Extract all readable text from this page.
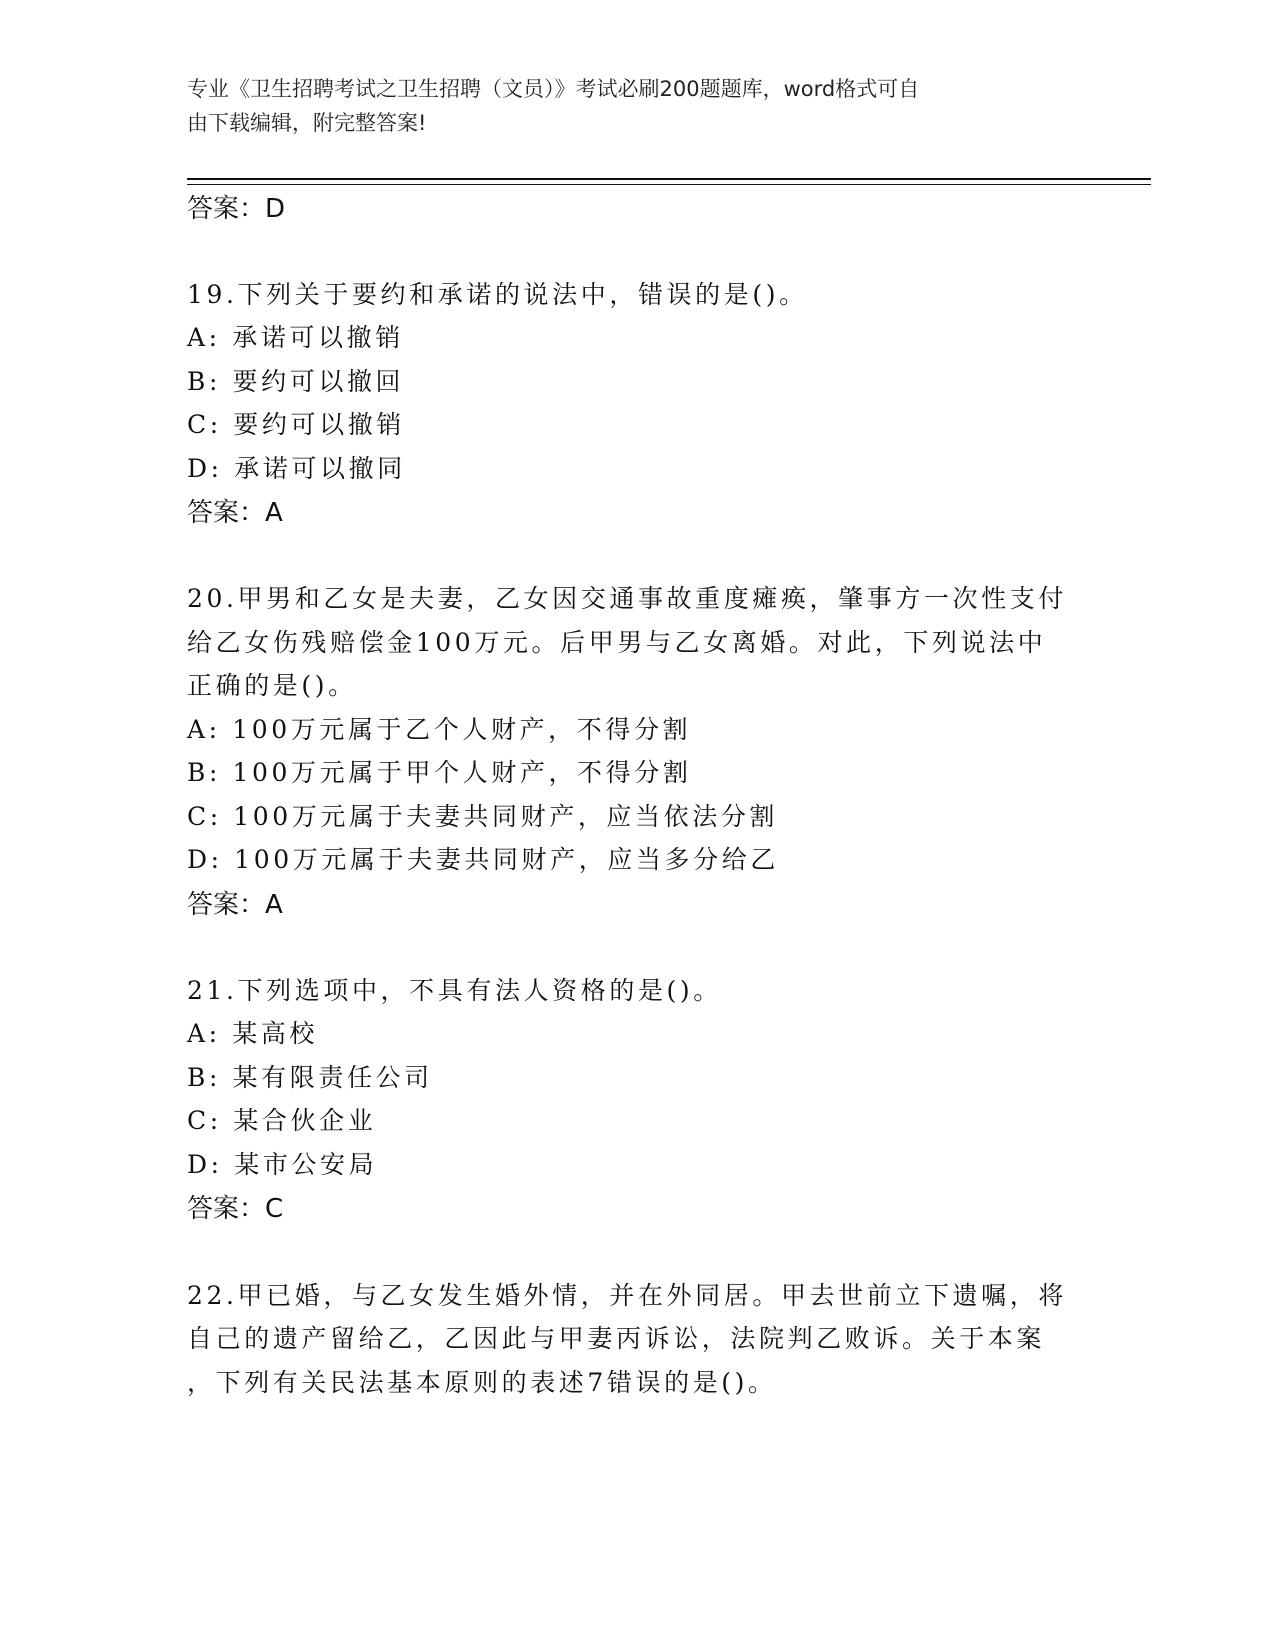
专业《卫生招聘考试之卫生招聘（文员）》考试必刷200题题库，word格式可自
由下载编辑，附完整答案!
答案：D
19.下列关于要约和承诺的说法中，错误的是()。
A: 承诺可以撤销
B: 要约可以撤回
C: 要约可以撤销
D: 承诺可以撤同
答案：A
20.甲男和乙女是夫妻，乙女因交通事故重度瘫痪，肇事方一次性支付
给乙女伤残赔偿金100万元。后甲男与乙女离婚。对此，下列说法中
正确的是()。
A: 100万元属于乙个人财产，不得分割
B: 100万元属于甲个人财产，不得分割
C: 100万元属于夫妻共同财产，应当依法分割
D: 100万元属于夫妻共同财产，应当多分给乙
答案：A
21.下列选项中，不具有法人资格的是()。
A: 某高校
B: 某有限责任公司
C: 某合伙企业
D: 某市公安局
答案：C
22.甲已婚，与乙女发生婚外情，并在外同居。甲去世前立下遗嘱，将
自己的遗产留给乙，乙因此与甲妻丙诉讼，法院判乙败诉。关于本案
，下列有关民法基本原则的表述7错误的是()。
